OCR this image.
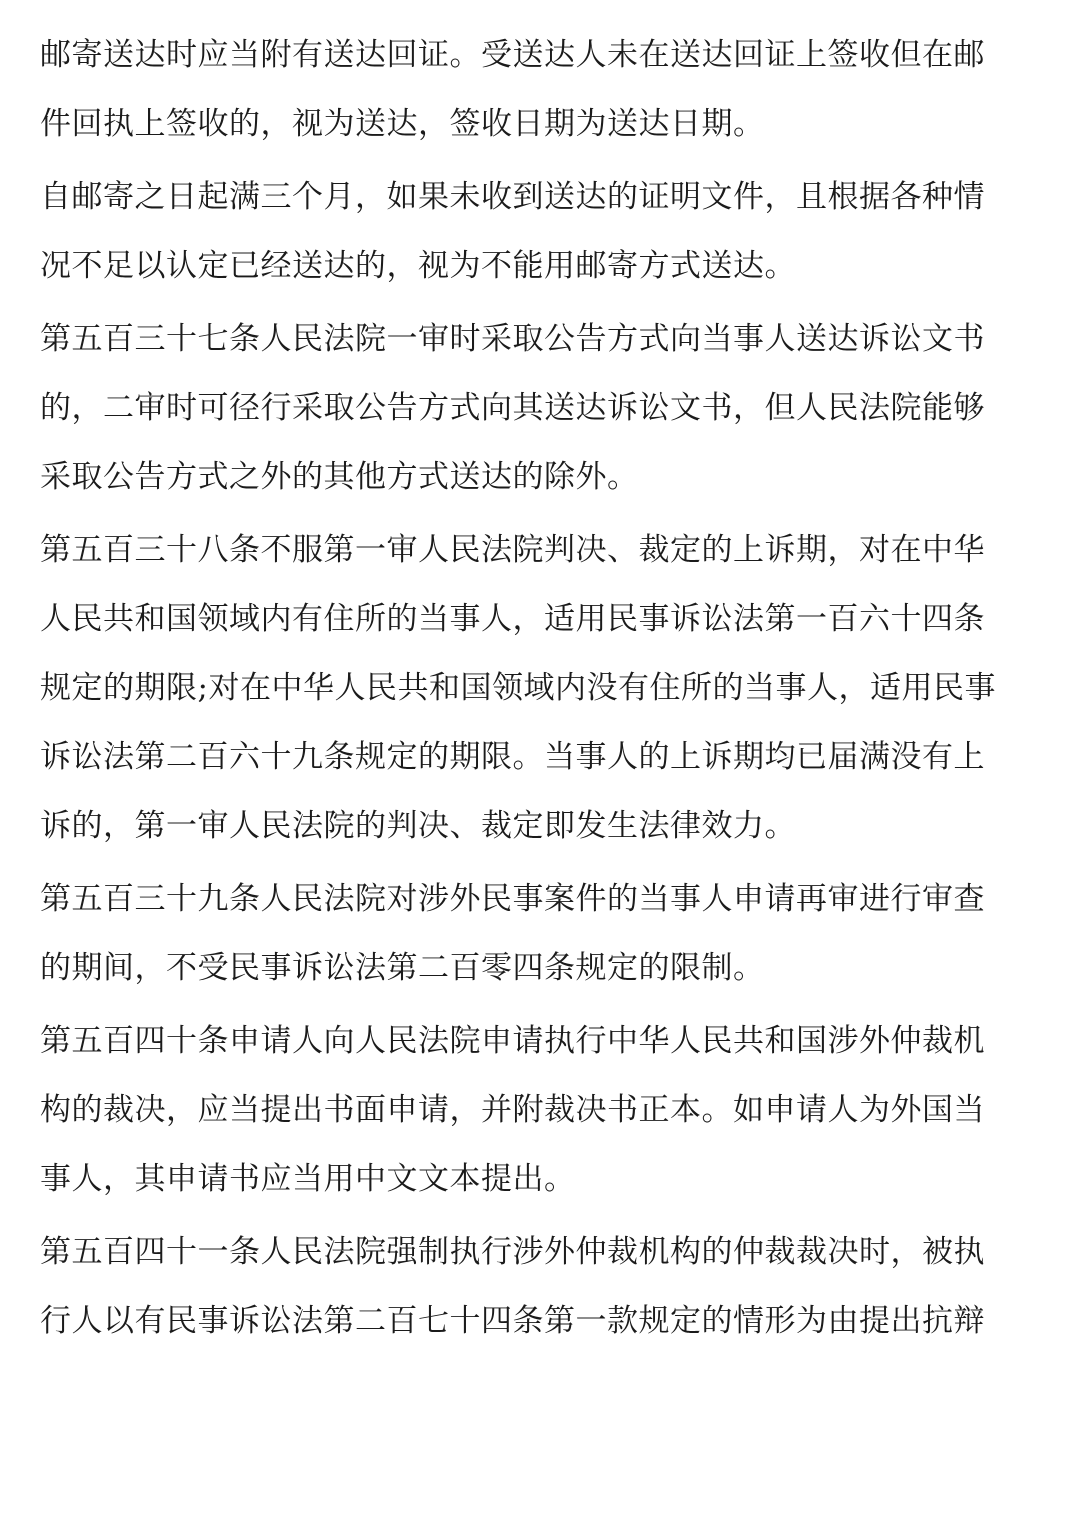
邮寄送达时应当附有送达回证。受送达人未在送达回证上签收但在邮
件回执上签收的，视为送达，签收日期为送达日期。
自邮寄之日起满三个月，如果未收到送达的证明文件，且根据各种情
况不足以认定已经送达的，视为不能用邮寄方式送达。
第五百三十七条人民法院一审时采取公告方式向当事人送达诉讼文书
的，二审时可径行采取公告方式向其送达诉讼文书，但人民法院能够
采取公告方式之外的其他方式送达的除外。
第五百三十八条不服第一审人民法院判决、裁定的上诉期，对在中华
人民共和国领域内有住所的当事人，适用民事诉讼法第一百六十四条
规定的期限;对在中华人民共和国领域内没有住所的当事人，适用民事
诉讼法第二百六十九条规定的期限。当事人的上诉期均已届满没有上
诉的，第一审人民法院的判决、裁定即发生法律效力。
第五百三十九条人民法院对涉外民事案件的当事人申请再审进行审查
的期间，不受民事诉讼法第二百零四条规定的限制。
第五百四十条申请人向人民法院申请执行中华人民共和国涉外仲裁机
构的裁决，应当提出书面申请，并附裁决书正本。如申请人为外国当
事人，其申请书应当用中文文本提出。
第五百四十一条人民法院强制执行涉外仲裁机构的仲裁裁决时，被执
行人以有民事诉讼法第二百七十四条第一款规定的情形为由提出抗辩
